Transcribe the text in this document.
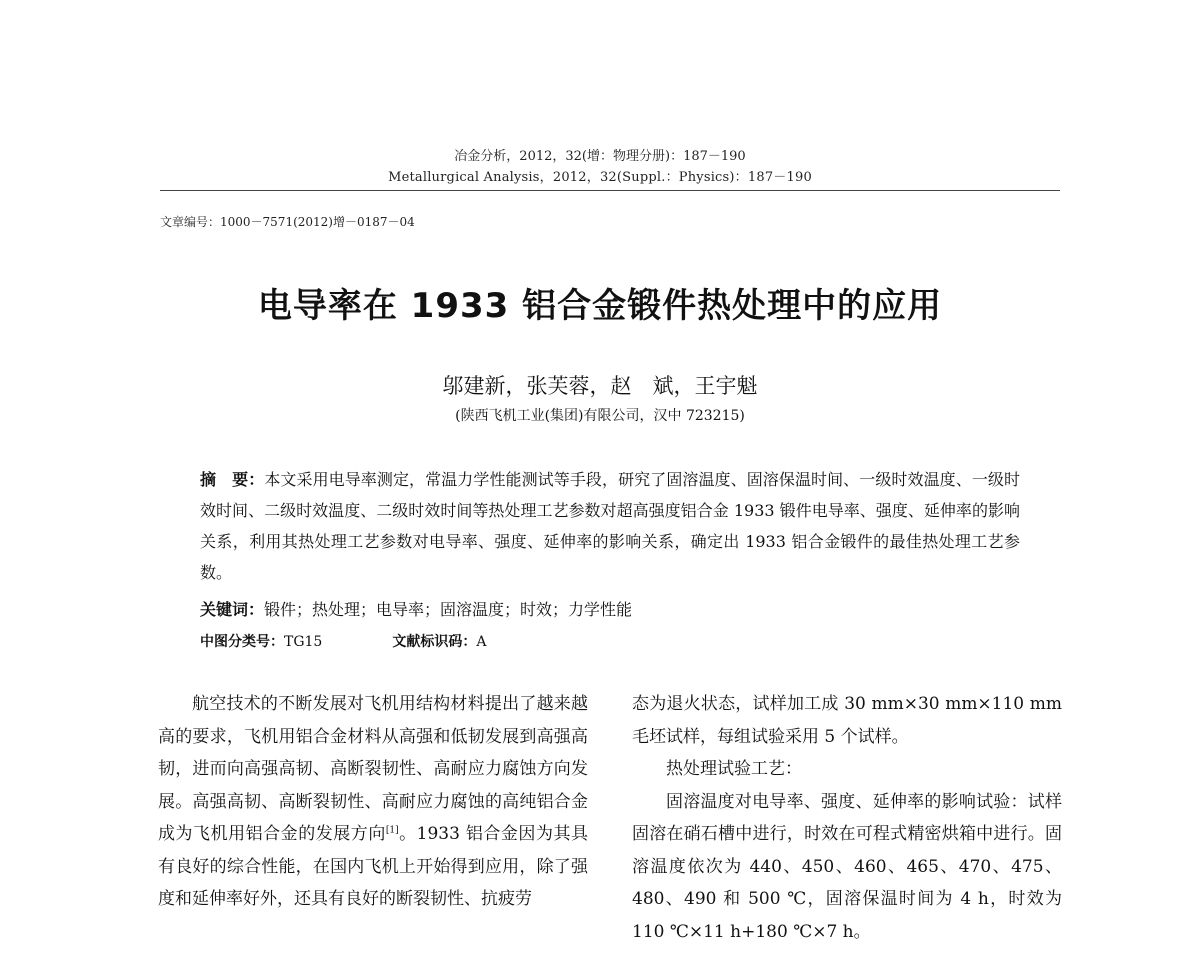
冶金分析，2012，32(增：物理分册)：187－190
Metallurgical Analysis，2012，32(Suppl.：Physics)：187－190
文章编号：1000－7571(2012)增－0187－04
电导率在 1933 铝合金锻件热处理中的应用
邬建新，张芙蓉，赵　斌，王宇魁
(陕西飞机工业(集团)有限公司，汉中 723215)
摘　要：本文采用电导率测定，常温力学性能测试等手段，研究了固溶温度、固溶保温时间、一级时效温度、一级时效时间、二级时效温度、二级时效时间等热处理工艺参数对超高强度铝合金 1933 锻件电导率、强度、延伸率的影响关系，利用其热处理工艺参数对电导率、强度、延伸率的影响关系，确定出 1933 铝合金锻件的最佳热处理工艺参数。
关键词：锻件；热处理；电导率；固溶温度；时效；力学性能
中图分类号：TG15	文献标识码：A

航空技术的不断发展对飞机用结构材料提出了越来越高的要求，飞机用铝合金材料从高强和低韧发展到高强高韧，进而向高强高韧、高断裂韧性、高耐应力腐蚀方向发展。高强高韧、高断裂韧性、高耐应力腐蚀的高纯铝合金成为飞机用铝合金的发展方向[1]。1933 铝合金因为其具有良好的综合性能，在国内飞机上开始得到应用，除了强度和延伸率好外，还具有良好的断裂韧性、抗疲劳

态为退火状态，试样加工成 30 mm×30 mm×110 mm毛坯试样，每组试验采用 5 个试样。

热处理试验工艺：

固溶温度对电导率、强度、延伸率的影响试验：试样固溶在硝石槽中进行，时效在可程式精密烘箱中进行。固溶温度依次为 440、450、460、465、470、475、480、490 和 500 ℃，固溶保温时间为 4 h，时效为 110 ℃×11 h+180 ℃×7 h。
